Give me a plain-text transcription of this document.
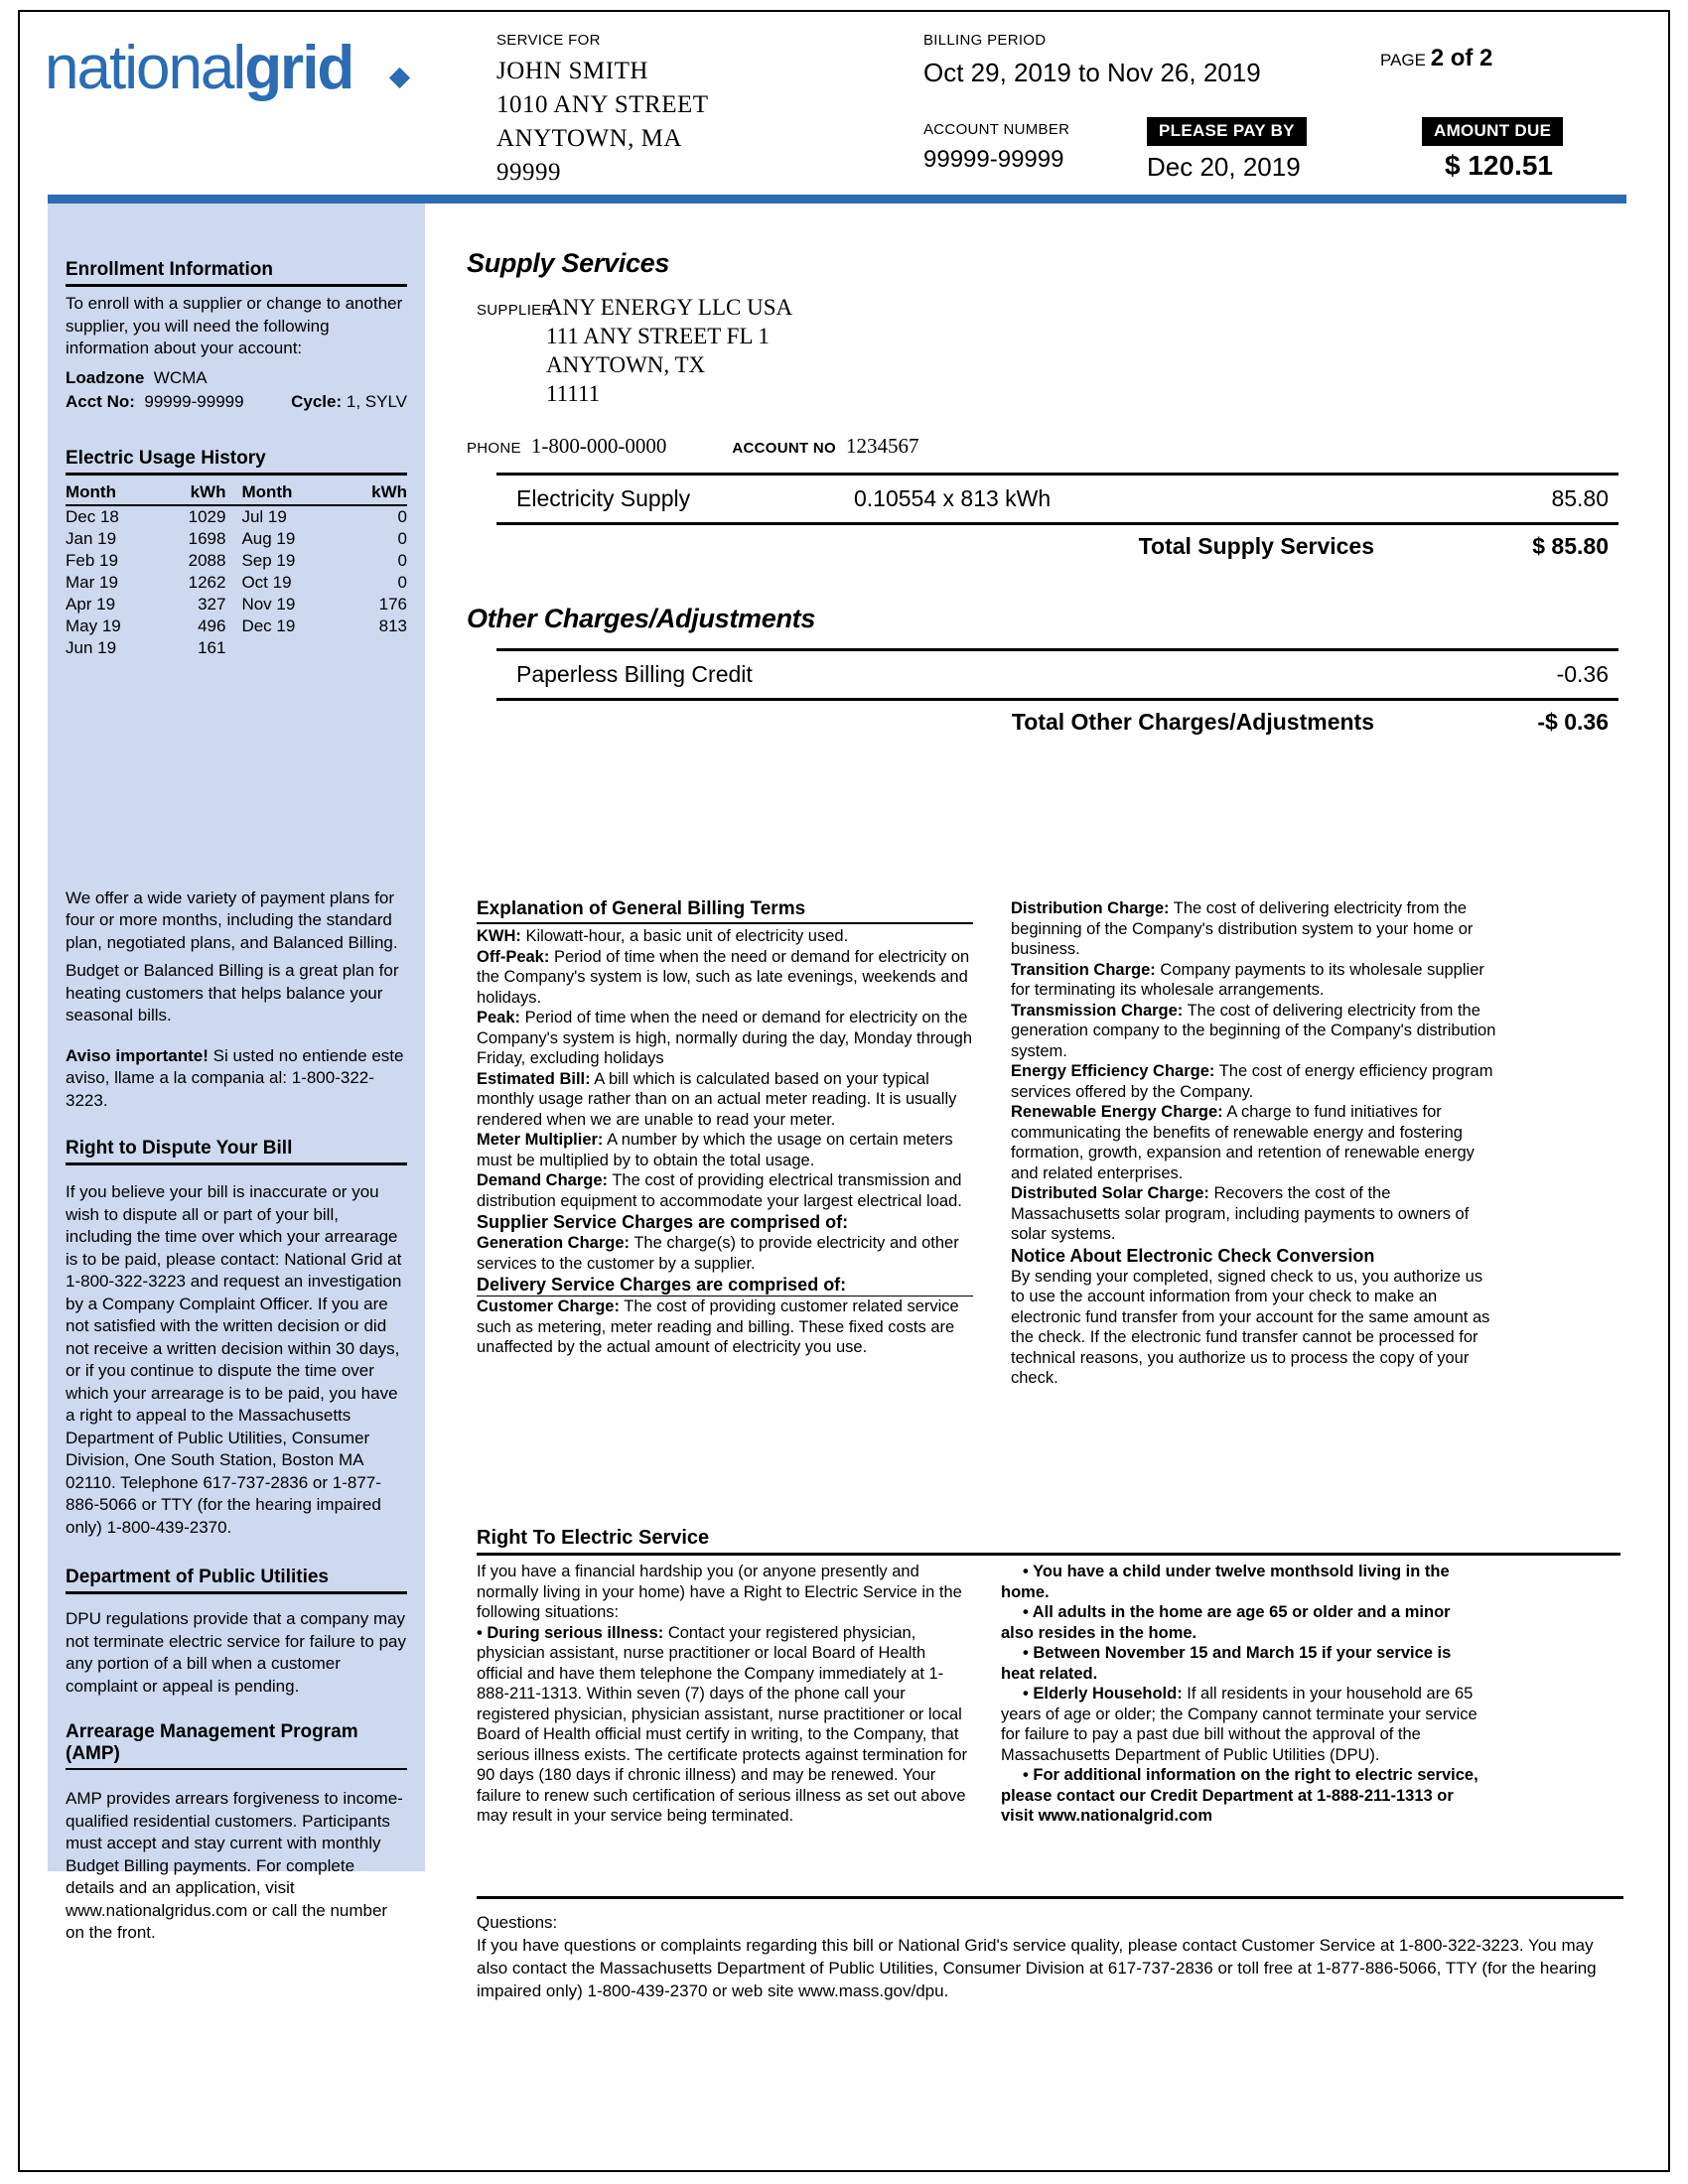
nationalgrid	SERVICE FOR
JOHN SMITH
1010 ANY STREET
ANYTOWN, MA
99999
BILLING PERIOD
Oct 29, 2019 to Nov 26, 2019
ACCOUNT NUMBER
99999-99999
PLEASE PAY BY
Dec 20, 2019
PAGE 2 of 2
AMOUNT DUE
$ 120.51
Enrollment Information

To enroll with a supplier or change to another supplier, you will need the following information about your account:

Loadzone WCMA
Acct No: 99999-99999	Cycle: 1, SYLV
Electric Usage History
Month	kWh	Month	kWh
Dec 18	1029	Jul 19	0
Jan 19	1698	Aug 19	0
Feb 19	2088	Sep 19	0
Mar 19	1262	Oct 19	0
Apr 19	327	Nov 19	176
May 19	496	Dec 19	813
Jun 19	161		

We offer a wide variety of payment plans for four or more months, including the standard plan, negotiated plans, and Balanced Billing.

Budget or Balanced Billing is a great plan for heating customers that helps balance your seasonal bills.

Aviso importante! Si usted no entiende este aviso, llame a la compania al: 1-800-322-3223.

Right to Dispute Your Bill

If you believe your bill is inaccurate or you wish to dispute all or part of your bill, including the time over which your arrearage is to be paid, please contact: National Grid at 1-800-322-3223 and request an investigation by a Company Complaint Officer. If you are not satisfied with the written decision or did not receive a written decision within 30 days, or if you continue to dispute the time over which your arrearage is to be paid, you have a right to appeal to the Massachusetts Department of Public Utilities, Consumer Division, One South Station, Boston MA 02110. Telephone 617-737-2836 or 1-877-886-5066 or TTY (for the hearing impaired only) 1-800-439-2370.

Department of Public Utilities

DPU regulations provide that a company may not terminate electric service for failure to pay any portion of a bill when a customer complaint or appeal is pending.

Arrearage Management Program (AMP)

AMP provides arrears forgiveness to income-qualified residential customers. Participants must accept and stay current with monthly Budget Billing payments. For complete details and an application, visit www.nationalgridus.com or call the number on the front.

Supply Services
SUPPLIER
ANY ENERGY LLC USA
111 ANY STREET FL 1
ANYTOWN, TX
11111
PHONE 1-800-000-0000	ACCOUNT NO 1234567
Electricity Supply	0.10554 x 813 kWh	85.80
Total Supply Services	$ 85.80
Other Charges/Adjustments
Paperless Billing Credit	-0.36
Total Other Charges/Adjustments	-$ 0.36
Explanation of General Billing Terms

KWH: Kilowatt-hour, a basic unit of electricity used.

Off-Peak: Period of time when the need or demand for electricity on the Company's system is low, such as late evenings, weekends and holidays.

Peak: Period of time when the need or demand for electricity on the Company's system is high, normally during the day, Monday through Friday, excluding holidays

Estimated Bill: A bill which is calculated based on your typical monthly usage rather than on an actual meter reading. It is usually rendered when we are unable to read your meter.

Meter Multiplier: A number by which the usage on certain meters must be multiplied by to obtain the total usage.

Demand Charge: The cost of providing electrical transmission and distribution equipment to accommodate your largest electrical load.

Supplier Service Charges are comprised of:

Generation Charge: The charge(s) to provide electricity and other services to the customer by a supplier.

Delivery Service Charges are comprised of:

Customer Charge: The cost of providing customer related service such as metering, meter reading and billing. These fixed costs are unaffected by the actual amount of electricity you use.

Distribution Charge: The cost of delivering electricity from the beginning of the Company's distribution system to your home or business.

Transition Charge: Company payments to its wholesale supplier for terminating its wholesale arrangements.

Transmission Charge: The cost of delivering electricity from the generation company to the beginning of the Company's distribution system.

Energy Efficiency Charge: The cost of energy efficiency program services offered by the Company.

Renewable Energy Charge: A charge to fund initiatives for communicating the benefits of renewable energy and fostering formation, growth, expansion and retention of renewable energy and related enterprises.

Distributed Solar Charge: Recovers the cost of the Massachusetts solar program, including payments to owners of solar systems.

Notice About Electronic Check Conversion

By sending your completed, signed check to us, you authorize us to use the account information from your check to make an electronic fund transfer from your account for the same amount as the check. If the electronic fund transfer cannot be processed for technical reasons, you authorize us to process the copy of your check.

Right To Electric Service

If you have a financial hardship you (or anyone presently and normally living in your home) have a Right to Electric Service in the following situations:

• During serious illness: Contact your registered physician, physician assistant, nurse practitioner or local Board of Health official and have them telephone the Company immediately at 1-888-211-1313. Within seven (7) days of the phone call your registered physician, physician assistant, nurse practitioner or local Board of Health official must certify in writing, to the Company, that serious illness exists. The certificate protects against termination for 90 days (180 days if chronic illness) and may be renewed. Your failure to renew such certification of serious illness as set out above may result in your service being terminated.

• You have a child under twelve monthsold living in the home.

• All adults in the home are age 65 or older and a minor also resides in the home.

• Between November 15 and March 15 if your service is heat related.

• Elderly Household: If all residents in your household are 65 years of age or older; the Company cannot terminate your service for failure to pay a past due bill without the approval of the Massachusetts Department of Public Utilities (DPU).

• For additional information on the right to electric service, please contact our Credit Department at 1-888-211-1313 or visit www.nationalgrid.com

Questions:

If you have questions or complaints regarding this bill or National Grid's service quality, please contact Customer Service at 1-800-322-3223. You may also contact the Massachusetts Department of Public Utilities, Consumer Division at 617-737-2836 or toll free at 1-877-886-5066, TTY (for the hearing impaired only) 1-800-439-2370 or web site www.mass.gov/dpu.
